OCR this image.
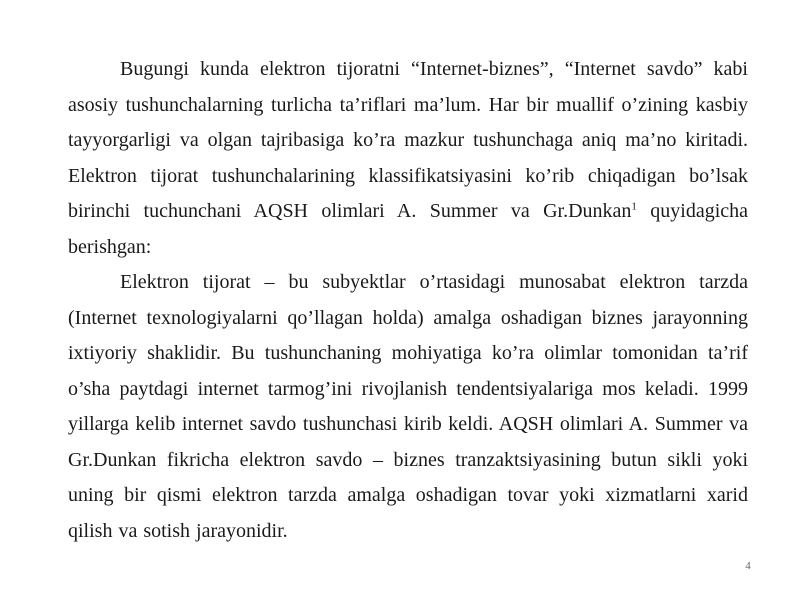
Bugungi kunda elektron tijoratni “Internet-biznes”, “Internet savdo” kabi asosiy tushunchalarning turlicha ta’riflari ma’lum. Har bir muallif o’zining kasbiy tayyorgarligi va olgan tajribasiga ko’ra mazkur tushunchaga aniq ma’no kiritadi. Elektron tijorat tushunchalarining klassifikatsiyasini ko’rib chiqadigan bo’lsak birinchi tuchunchani AQSH olimlari A. Summer va Gr.Dunkan$^1$ quyidagicha berishgan:

Elektron tijorat – bu subyektlar o’rtasidagi munosabat elektron tarzda (Internet texnologiyalarni qo’llagan holda) amalga oshadigan biznes jarayonning ixtiyoriy shaklidir. Bu tushunchaning mohiyatiga ko’ra olimlar tomonidan ta’rif o’sha paytdagi internet tarmog’ini rivojlanish tendentsiyalariga mos keladi. 1999 yillarga kelib internet savdo tushunchasi kirib keldi. AQSH olimlari A. Summer va Gr.Dunkan fikricha elektron savdo – biznes tranzaktsiyasining butun sikli yoki uning bir qismi elektron tarzda amalga oshadigan tovar yoki xizmatlarni xarid qilish va sotish jarayonidir.

4
